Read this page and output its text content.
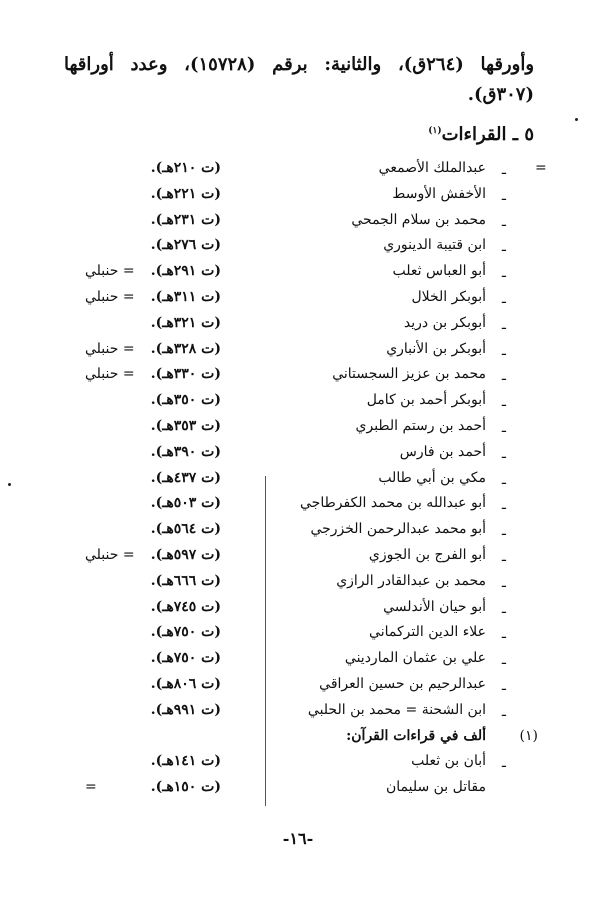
وأورقها (٢٦٤ق)، والثانية: برقم (١٥٧٢٨)، وعدد أوراقها (٣٠٧ق).
٥ ـ القراءات$^{(١)}$
ـ
عبدالملك الأصمعي
(ت ٢١٠هـ).	=
ـ
الأخفش الأوسط
(ت ٢٢١هـ).
ـ
محمد بن سلام الجمحي
(ت ٢٣١هـ).
ـ
ابن قتيبة الدينوري
(ت ٢٧٦هـ).
ـ
أبو العباس ثعلب
(ت ٢٩١هـ).
= حنبلي
ـ
أبوبكر الخلال
(ت ٣١١هـ).
= حنبلي
ـ
أبوبكر بن دريد
(ت ٣٢١هـ).
ـ
أبوبكر بن الأنباري
(ت ٣٢٨هـ).
= حنبلي
ـ
محمد بن عزيز السجستاني
(ت ٣٣٠هـ).
= حنبلي
ـ
أبوبكر أحمد بن كامل
(ت ٣٥٠هـ).
ـ
أحمد بن رستم الطبري
(ت ٣٥٣هـ).
ـ
أحمد بن فارس
(ت ٣٩٠هـ).
ـ
مكي بن أبي طالب
(ت ٤٣٧هـ).
ـ
أبو عبدالله بن محمد الكفرطاجي
(ت ٥٠٣هـ).
ـ
أبو محمد عبدالرحمن الخزرجي
(ت ٥٦٤هـ).
ـ
أبو الفرج بن الجوزي
(ت ٥٩٧هـ).
= حنبلي
ـ
محمد بن عبدالقادر الرازي
(ت ٦٦٦هـ).
ـ
أبو حيان الأندلسي
(ت ٧٤٥هـ).
ـ
علاء الدين التركماني
(ت ٧٥٠هـ).
ـ
علي بن عثمان المارديني
(ت ٧٥٠هـ).
ـ
عبدالرحيم بن حسين العراقي
(ت ٨٠٦هـ).
ـ
ابن الشحنة = محمد بن الحلبي
(ت ٩٩١هـ).
ألف في قراءات القرآن: (١)
ـ
أبان بن ثعلب
(ت ١٤١هـ).
مقاتل بن سليمان
(ت ١٥٠هـ).
=
-١٦-
